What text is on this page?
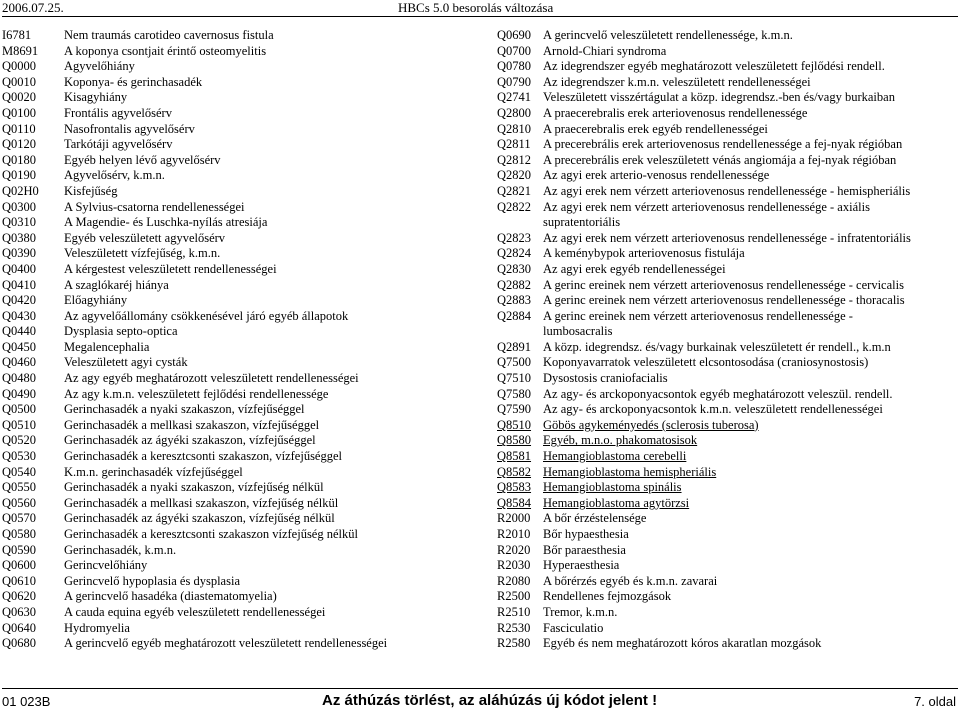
2006.07.25.	HBCs 5.0 besorolás változása
I6781	Nem traumás carotideo cavernosus fistula
M8691	A koponya csontjait érintő osteomyelitis
Q0000	Agyvelőhiány
Q0010	Koponya- és gerinchasadék
Q0020	Kisagyhiány
Q0100	Frontális agyvelősérv
Q0110	Nasofrontalis agyvelősérv
Q0120	Tarkótáji agyvelősérv
Q0180	Egyéb helyen lévő agyvelősérv
Q0190	Agyvelősérv, k.m.n.
Q02H0	Kisfejűség
Q0300	A Sylvius-csatorna rendellenességei
Q0310	A Magendie- és Luschka-nyílás atresiája
Q0380	Egyéb veleszületett agyvelősérv
Q0390	Veleszületett vízfejűség, k.m.n.
Q0400	A kérgestest veleszületett rendellenességei
Q0410	A szaglókaréj hiánya
Q0420	Előagyhiány
Q0430	Az agyvelőállomány csökkenésével járó egyéb állapotok
Q0440	Dysplasia septo-optica
Q0450	Megalencephalia
Q0460	Veleszületett agyi cysták
Q0480	Az agy egyéb meghatározott veleszületett rendellenességei
Q0490	Az agy k.m.n. veleszületett fejlődési rendellenessége
Q0500	Gerinchasadék a nyaki szakaszon, vízfejűséggel
Q0510	Gerinchasadék a mellkasi szakaszon, vízfejűséggel
Q0520	Gerinchasadék az ágyéki szakaszon, vízfejűséggel
Q0530	Gerinchasadék a keresztcsonti szakaszon, vízfejűséggel
Q0540	K.m.n. gerinchasadék vízfejűséggel
Q0550	Gerinchasadék a nyaki szakaszon, vízfejűség nélkül
Q0560	Gerinchasadék a mellkasi szakaszon, vízfejűség nélkül
Q0570	Gerinchasadék az ágyéki szakaszon, vízfejűség nélkül
Q0580	Gerinchasadék a keresztcsonti szakaszon vízfejűség nélkül
Q0590	Gerinchasadék, k.m.n.
Q0600	Gerincvelőhiány
Q0610	Gerincvelő hypoplasia és dysplasia
Q0620	A gerincvelő hasadéka (diastematomyelia)
Q0630	A cauda equina egyéb veleszületett rendellenességei
Q0640	Hydromyelia
Q0680	A gerincvelő egyéb meghatározott veleszületett rendellenességei
Q0690 A gerincvelő veleszületett rendellenessége, k.m.n.
Q0700 Arnold-Chiari syndroma
Q0780 Az idegrendszer egyéb meghatározott veleszületett fejlődési rendell.
Q0790 Az idegrendszer k.m.n. veleszületett rendellenességei
Q2741 Veleszületett visszértágulat a közp. idegrendsz.-ben és/vagy burkaiban
Q2800 A praecerebralis erek arteriovenosus rendellenessége
Q2810 A praecerebralis erek egyéb rendellenességei
Q2811 A precerebrális erek arteriovenosus rendellenessége a fej-nyak régióban
Q2812 A precerebrális erek veleszületett vénás angiomája a fej-nyak régióban
Q2820 Az agyi erek arterio-venosus rendellenessége
Q2821 Az agyi erek nem vérzett arteriovenosus rendellenessége - hemispheriális
Q2822 Az agyi erek nem vérzett arteriovenosus rendellenessége - axiális
supratentoriális
Q2823 Az agyi erek nem vérzett arteriovenosus rendellenessége - infratentoriális
Q2824 A keménybурok arteriovenosus fistulája
Q2830 Az agyi erek egyéb rendellenességei
Q2882 A gerinc ereinek nem vérzett arteriovenosus rendellenessége - cervicalis
Q2883 A gerinc ereinek nem vérzett arteriovenosus rendellenessége - thoracalis
Q2884 A gerinc ereinek nem vérzett arteriovenosus rendellenessége -
lumbosacralis
Q2891 A közp. idegrendsz. és/vagy burkainak veleszületett ér rendell., k.m.n
Q7500 Koponyavarratok veleszületett elcsontosodása (craniosynostosis)
Q7510 Dysostosis craniofacialis
Q7580 Az agy- és arckoponyacsontok egyéb meghatározott veleszül. rendell.
Q7590 Az agy- és arckoponyacsontok k.m.n. veleszületett rendellenességei
Q8510 Göbös agykeményedés (sclerosis tuberosa)
Q8580 Egyéb, m.n.o. phakomatosisok
Q8581 Hemangioblastoma cerebelli
Q8582 Hemangioblastoma hemispheriális
Q8583 Hemangioblastoma spinális
Q8584 Hemangioblastoma agytörzsi
R2000	A bőr érzéstelensége
R2010	Bőr hypaesthesia
R2020	Bőr paraesthesia
R2030	Hyperaesthesia
R2080	A bőrérzés egyéb és k.m.n. zavarai
R2500	Rendellenes fejmozgások
R2510	Tremor, k.m.n.
R2530	Fasciculatio
R2580	Egyéb és nem meghatározott kóros akaratlan mozgások
01 023B	Az áthúzás törlést, az aláhúzás új kódot jelent !	7. oldal
